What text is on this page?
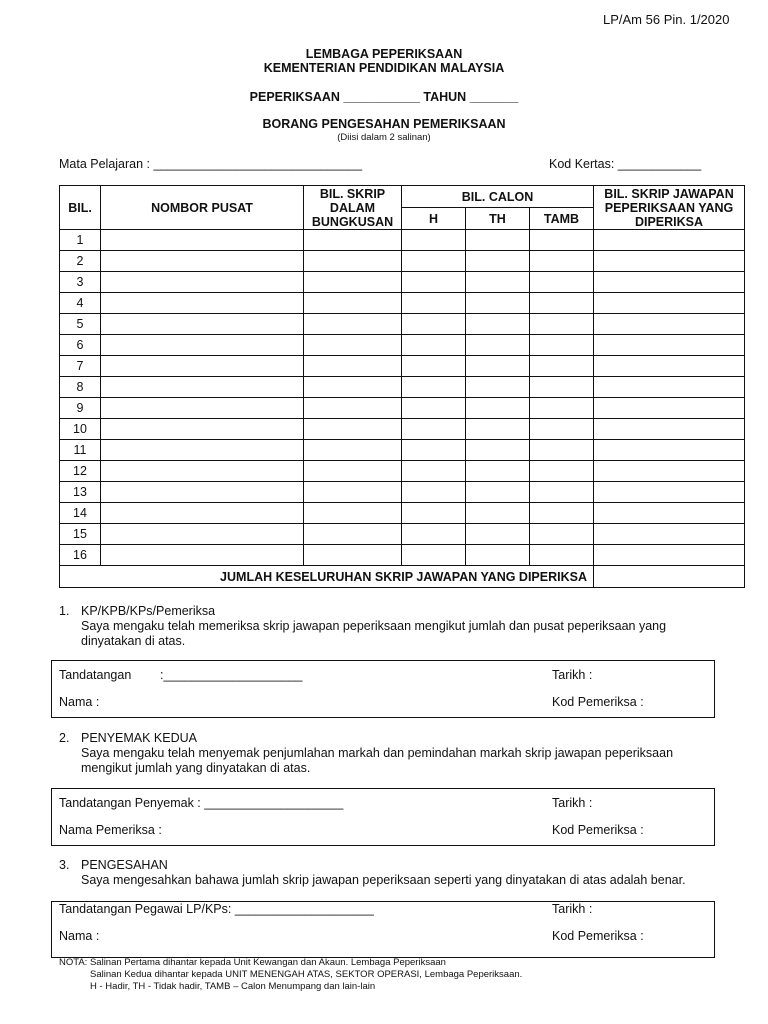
LP/Am 56 Pin. 1/2020
LEMBAGA PEPERIKSAAN
KEMENTERIAN PENDIDIKAN MALAYSIA
PEPERIKSAAN ___________ TAHUN _______
BORANG PENGESAHAN PEMERIKSAAN
(Diisi dalam 2 salinan)
Mata Pelajaran : ______________________________	Kod Kertas: ____________
BIL.	NOMBOR PUSAT	BIL. SKRIP DALAM BUNGKUSAN	BIL. CALON			BIL. SKRIP JAWAPAN PEPERIKSAAN YANG DIPERIKSA
			H	TH	TAMB	
1						
2						
3						
4						
5						
6						
7						
8						
9						
10						
11						
12						
13						
14						
15						
16						
JUMLAH KESELURUHAN SKRIP JAWAPAN YANG DIPERIKSA						
1. KP/KPB/KPs/Pemeriksa
Saya mengaku telah memeriksa skrip jawapan peperiksaan mengikut jumlah dan pusat peperiksaan yang dinyatakan di atas.
Tandatangan :____________________	Tarikh :
Nama :	Kod Pemeriksa :
2. PENYEMAK KEDUA
Saya mengaku telah menyemak penjumlahan markah dan pemindahan markah skrip jawapan peperiksaan mengikut jumlah yang dinyatakan di atas.
Tandatangan Penyemak : ____________________	Tarikh :
Nama Pemeriksa :	Kod Pemeriksa :
3. PENGESAHAN
Saya mengesahkan bahawa jumlah skrip jawapan peperiksaan seperti yang dinyatakan di atas adalah benar.
Tandatangan Pegawai LP/KPs: ____________________	Tarikh :
Nama :	Kod Pemeriksa :
NOTA: Salinan Pertama dihantar kepada Unit Kewangan dan Akaun. Lembaga Peperiksaan
Salinan Kedua dihantar kepada UNIT MENENGAH ATAS, SEKTOR OPERASI, Lembaga Peperiksaan.
H - Hadir, TH - Tidak hadir, TAMB – Calon Menumpang dan lain-lain
